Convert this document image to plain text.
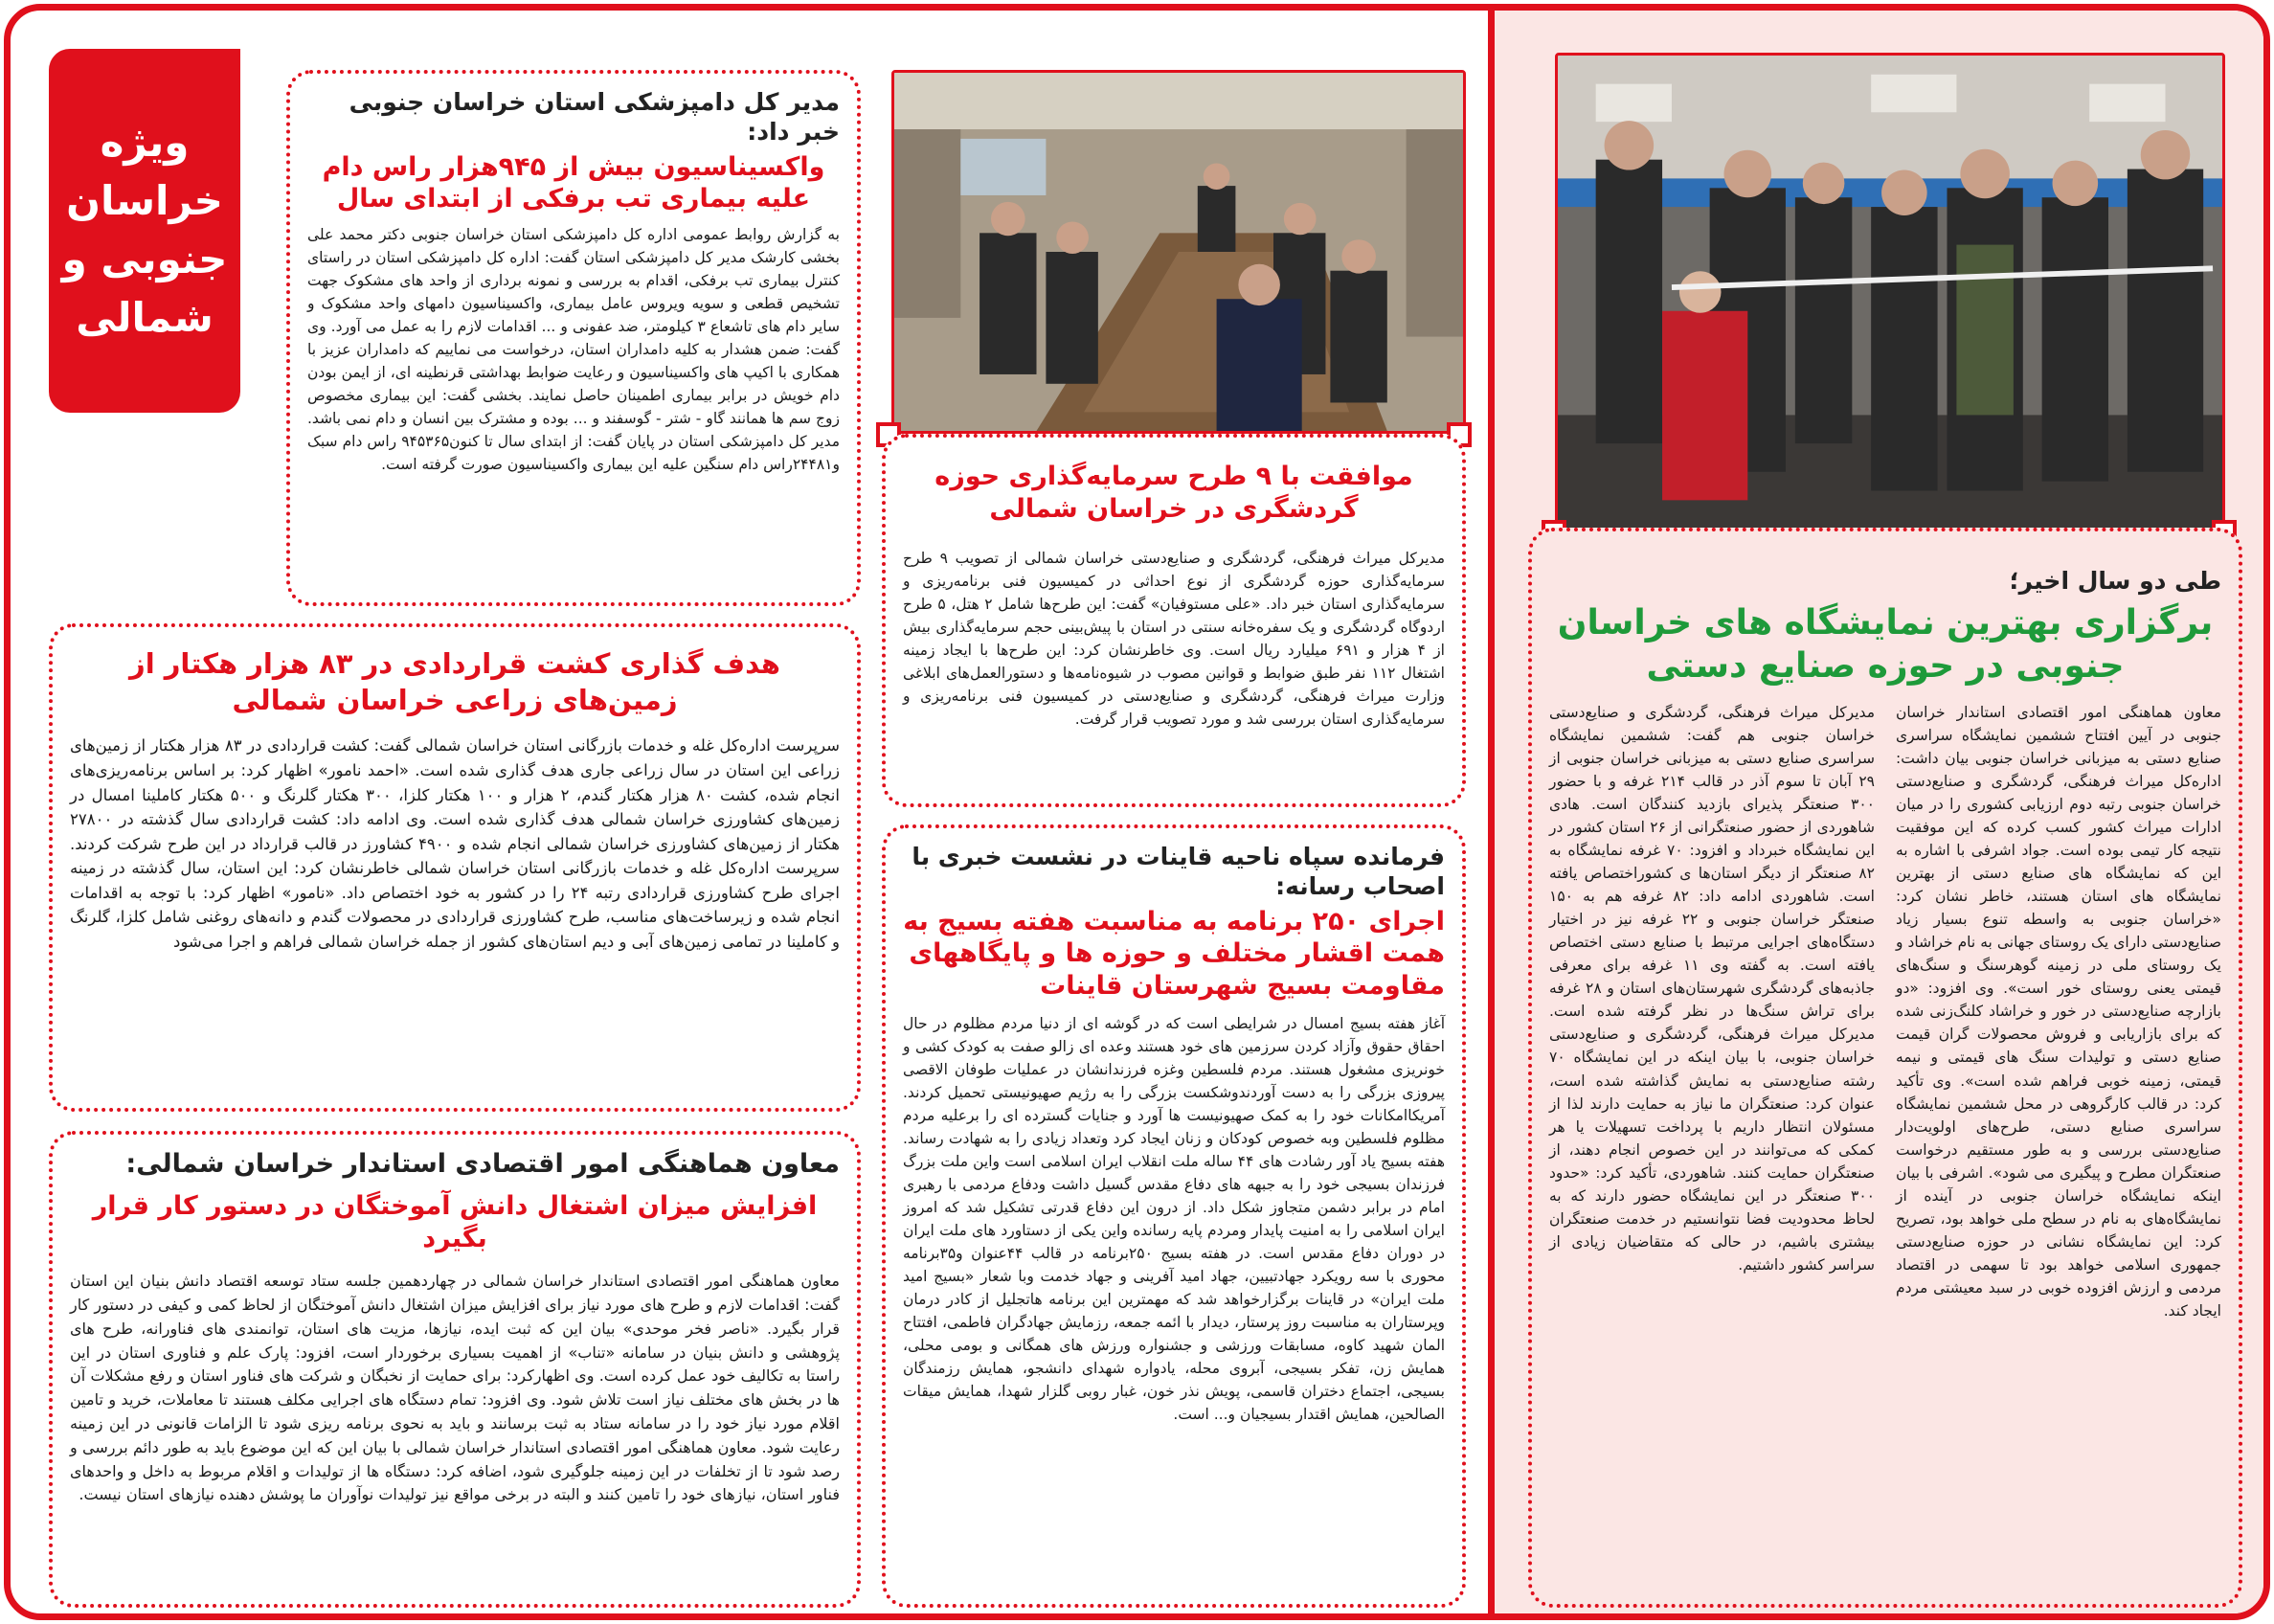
طی دو سال اخیر؛
برگزاری بهترین نمایشگاه های خراسان جنوبی در حوزه صنایع دستی
معاون هماهنگی امور اقتصادی استاندار خراسان جنوبی در آیین افتتاح ششمین نمایشگاه سراسری صنایع دستی به میزبانی خراسان جنوبی بیان داشت: اداره‌کل میراث فرهنگی، گردشگری و صنایع‌دستی خراسان جنوبی رتبه دوم ارزیابی کشوری را در میان ادارات میراث کشور کسب کرده که این موفقیت نتیجه کار تیمی بوده است. جواد اشرفی با اشاره به این که نمایشگاه های صنایع دستی از بهترین نمایشگاه های استان هستند، خاطر نشان کرد: «خراسان جنوبی به واسطه تنوع بسیار زیاد صنایع‌دستی دارای یک روستای جهانی به نام خراشاد و یک روستای ملی در زمینه گوهرسنگ و سنگ‌های قیمتی یعنی روستای خور است». وی افزود: «دو بازارچه صنایع‌دستی در خور و خراشاد کلنگ‌زنی شده که برای بازاریابی و فروش محصولات گران قیمت صنایع دستی و تولیدات سنگ های قیمتی و نیمه قیمتی، زمینه خوبی فراهم شده است». وی تأکید کرد: در قالب کارگروهی در محل ششمین نمایشگاه سراسری صنایع دستی، طرح‌های اولویت‌دار صنایع‌دستی بررسی و به طور مستقیم درخواست صنعتگران مطرح و پیگیری می شود». اشرفی با بیان اینکه نمایشگاه خراسان جنوبی در آینده از نمایشگاه‌های به نام در سطح ملی خواهد بود، تصریح کرد: این نمایشگاه نشانی در حوزه صنایع‌دستی جمهوری اسلامی خواهد بود تا سهمی در اقتصاد مردمی و ارزش افزوده خوبی در سبد معیشتی مردم ایجاد کند.
مدیرکل میراث فرهنگی، گردشگری و صنایع‌دستی خراسان جنوبی هم گفت: ششمین نمایشگاه سراسری صنایع دستی به میزبانی خراسان جنوبی از ۲۹ آبان تا سوم آذر در قالب ۲۱۴ غرفه و با حضور ۳۰۰ صنعتگر پذیرای بازدید کنندگان است. هادی شاهوردی از حضور صنعتگرانی از ۲۶ استان کشور در این نمایشگاه خبرداد و افزود: ۷۰ غرفه نمایشگاه به ۸۲ صنعتگر از دیگر استان‌ها ی کشوراختصاص یافته است. شاهوردی ادامه داد: ۸۲ غرفه هم به ۱۵۰ صنعتگر خراسان جنوبی و ۲۲ غرفه نیز در اختیار دستگاه‌های اجرایی مرتبط با صنایع دستی اختصاص یافته است. به گفته وی ۱۱ غرفه برای معرفی جاذبه‌های گردشگری شهرستان‌های استان و ۲۸ غرفه برای تراش سنگ‌ها در نظر گرفته شده است. مدیرکل میراث فرهنگی، گردشگری و صنایع‌دستی خراسان جنوبی، با بیان اینکه در این نمایشگاه ۷۰ رشته صنایع‌دستی به نمایش گذاشته شده است، عنوان کرد: صنعتگران ما نیاز به حمایت دارند لذا از مسئولان انتظار داریم با پرداخت تسهیلات یا هر کمکی که می‌توانند در این خصوص انجام دهند، از صنعتگران حمایت کنند. شاهوردی، تأکید کرد: «حدود ۳۰۰ صنعتگر در این نمایشگاه حضور دارند که به لحاظ محدودیت فضا نتوانستیم در خدمت صنعتگران بیشتری باشیم، در حالی که متقاضیان زیادی از سراسر کشور داشتیم.
موافقت با ۹ طرح سرمایه‌گذاری حوزه گردشگری در خراسان شمالی
مدیرکل میراث فرهنگی، گردشگری و صنایع‌دستی خراسان شمالی از تصویب ۹ طرح سرمایه‌گذاری حوزه گردشگری از نوع احداثی در کمیسیون فنی برنامه‌ریزی و سرمایه‌گذاری استان خبر داد. «علی مستوفیان» گفت: این طرح‌ها شامل ۲ هتل، ۵ طرح اردوگاه گردشگری و یک سفره‌خانه سنتی در استان با پیش‌بینی حجم سرمایه‌گذاری بیش از ۴ هزار و ۶۹۱ میلیارد ریال است. وی خاطرنشان کرد: این طرح‌ها با ایجاد زمینه اشتغال ۱۱۲ نفر طبق ضوابط و قوانین مصوب در شیوه‌نامه‌ها و دستورالعمل‌های ابلاغی وزارت میراث فرهنگی، گردشگری و صنایع‌دستی در کمیسیون فنی برنامه‌ریزی و سرمایه‌گذاری استان بررسی شد و مورد تصویب قرار گرفت.
فرمانده سپاه ناحیه قاینات در نشست خبری با اصحاب رسانه:
اجرای ۲۵۰ برنامه به مناسبت هفته بسیج به همت اقشار مختلف و حوزه ها و پایگاههای مقاومت بسیج شهرستان قاینات
آغاز هفته بسیج امسال در شرایطی است که در گوشه ای از دنیا مردم مظلوم در حال احقاق حقوق وآزاد کردن سرزمین های خود هستند وعده ای زالو صفت به کودک کشی و خونریزی مشغول هستند. مردم فلسطین وغزه فرزندانشان در عملیات طوفان الاقصی پیروزی بزرگی را به دست آوردندوشکست بزرگی را به رژیم صهیونیستی تحمیل کردند. آمریکاامکانات خود را به کمک صهیونیست ها آورد و جنایات گسترده ای را برعلیه مردم مظلوم فلسطین وبه خصوص کودکان و زنان ایجاد کرد وتعداد زیادی را به شهادت رساند. هفته بسیج یاد آور رشادت های ۴۴ ساله ملت انقلاب ایران اسلامی است واین ملت بزرگ فرزندان بسیجی خود را به جبهه های دفاع مقدس گسیل داشت ودفاع مردمی با رهبری امام در برابر دشمن متجاوز شکل داد. از درون این دفاع قدرتی تشکیل شد که امروز ایران اسلامی را به امنیت پایدار ومردم پایه رسانده واین یکی از دستاورد های ملت ایران در دوران دفاع مقدس است. در هفته بسیج ۲۵۰برنامه در قالب ۴۴عنوان و۳۵برنامه محوری با سه رویکرد جهادتبیین، جهاد امید آفرینی و جهاد خدمت وبا شعار «بسیج امید ملت ایران» در قاینات برگزارخواهد شد که مهمترین این برنامه هاتجلیل از کادر درمان وپرستاران به مناسبت روز پرستار، دیدار با ائمه جمعه، رزمایش جهادگران فاطمی، افتتاح المان شهید کاوه، مسابقات ورزشی و جشنواره ورزش های همگانی و بومی محلی، همایش زن، تفکر بسیجی، آبروی محله، یادواره شهدای دانشجو، همایش رزمندگان بسیجی، اجتماع دختران قاسمی، پویش نذر خون، غبار روبی گلزار شهدا، همایش میقات الصالحین، همایش اقتدار بسیجیان و... است.
ویژه
خراسان
جنوبی و
شمالی
مدیر کل دامپزشکی استان خراسان جنوبی خبر داد:
واکسیناسیون بیش از ۹۴۵هزار راس دام علیه بیماری تب برفکی از ابتدای سال
به گزارش روابط عمومی اداره کل دامپزشکی استان خراسان جنوبی دکتر محمد علی بخشی کارشک مدیر کل دامپزشکی استان گفت: اداره کل دامپزشکی استان در راستای کنترل بیماری تب برفکی، اقدام به بررسی و نمونه برداری از واحد های مشکوک جهت تشخیص قطعی و سویه ویروس عامل بیماری، واکسیناسیون دامهای واحد مشکوک و سایر دام های تاشعاع ۳ کیلومتر، ضد عفونی و ... اقدامات لازم را به عمل می آورد. وی گفت: ضمن هشدار به کلیه دامداران استان، درخواست می نماییم که دامداران عزیز با همکاری با اکیپ های واکسیناسیون و رعایت ضوابط بهداشتی قرنطینه ای، از ایمن بودن دام خویش در برابر بیماری اطمینان حاصل نمایند. بخشی گفت: این بیماری مخصوص زوج سم ها همانند گاو - شتر - گوسفند و ... بوده و مشترک بین انسان و دام نمی باشد. مدیر کل دامپزشکی استان در پایان گفت: از ابتدای سال تا کنون۹۴۵۳۶۵ راس دام سبک و۲۴۴۸۱راس دام سنگین علیه این بیماری واکسیناسیون صورت گرفته است.
هدف گذاری کشت قراردادی در ۸۳ هزار هکتار از زمین‌های زراعی خراسان شمالی
سرپرست اداره‌کل غله و خدمات بازرگانی استان خراسان شمالی گفت: کشت قراردادی در ۸۳ هزار هکتار از زمین‌های زراعی این استان در سال زراعی جاری هدف گذاری شده است. «احمد نامور» اظهار کرد: بر اساس برنامه‌ریزی‌های انجام شده، کشت ۸۰ هزار هکتار گندم، ۲ هزار و ۱۰۰ هکتار کلزا، ۳۰۰ هکتار گلرنگ و ۵۰۰ هکتار کاملینا امسال در زمین‌های کشاورزی خراسان شمالی هدف گذاری شده است. وی ادامه داد: کشت قراردادی سال گذشته در ۲۷۸۰۰ هکتار از زمین‌های کشاورزی خراسان شمالی انجام شده و ۴۹۰۰ کشاورز در قالب قرارداد در این طرح شرکت کردند. سرپرست اداره‌کل غله و خدمات بازرگانی استان خراسان شمالی خاطرنشان کرد: این استان، سال گذشته در زمینه اجرای طرح کشاورزی قراردادی رتبه ۲۴ را در کشور به خود اختصاص داد. «نامور» اظهار کرد: با توجه به اقدامات انجام شده و زیرساخت‌های مناسب، طرح کشاورزی قراردادی در محصولات گندم و دانه‌های روغنی شامل کلزا، گلرنگ و کاملینا در تمامی زمین‌های آبی و دیم استان‌های کشور از جمله خراسان شمالی فراهم و اجرا می‌شود
معاون هماهنگی امور اقتصادی استاندار خراسان شمالی:
افزایش میزان اشتغال دانش آموختگان در دستور کار قرار بگیرد
معاون هماهنگی امور اقتصادی استاندار خراسان شمالی در چهاردهمین جلسه ستاد توسعه اقتصاد دانش بنیان این استان گفت: اقدامات لازم و طرح های مورد نیاز برای افزایش میزان اشتغال دانش آموختگان از لحاظ کمی و کیفی در دستور کار قرار بگیرد. «ناصر فخر موحدی» بیان این که ثبت ایده، نیازها، مزیت های استان، توانمندی های فناورانه، طرح های پژوهشی و دانش بنیان در سامانه «تناب» از اهمیت بسیاری برخوردار است، افزود: پارک علم و فناوری استان در این راستا به تکالیف خود عمل کرده است. وی اظهارکرد: برای حمایت از نخبگان و شرکت های فناور استان و رفع مشکلات آن ها در بخش های مختلف نیاز است تلاش شود. وی افزود: تمام دستگاه های اجرایی مکلف هستند تا معاملات، خرید و تامین اقلام مورد نیاز خود را در سامانه ستاد به ثبت برسانند و باید به نحوی برنامه ریزی شود تا الزامات قانونی در این زمینه رعایت شود. معاون هماهنگی امور اقتصادی استاندار خراسان شمالی با بیان این که این موضوع باید به طور دائم بررسی و رصد شود تا از تخلفات در این زمینه جلوگیری شود، اضافه کرد: دستگاه ها از تولیدات و اقلام مربوط به داخل و واحدهای فناور استان، نیازهای خود را تامین کنند و البته در برخی مواقع نیز تولیدات نوآوران ما پوشش دهنده نیازهای استان نیست.
